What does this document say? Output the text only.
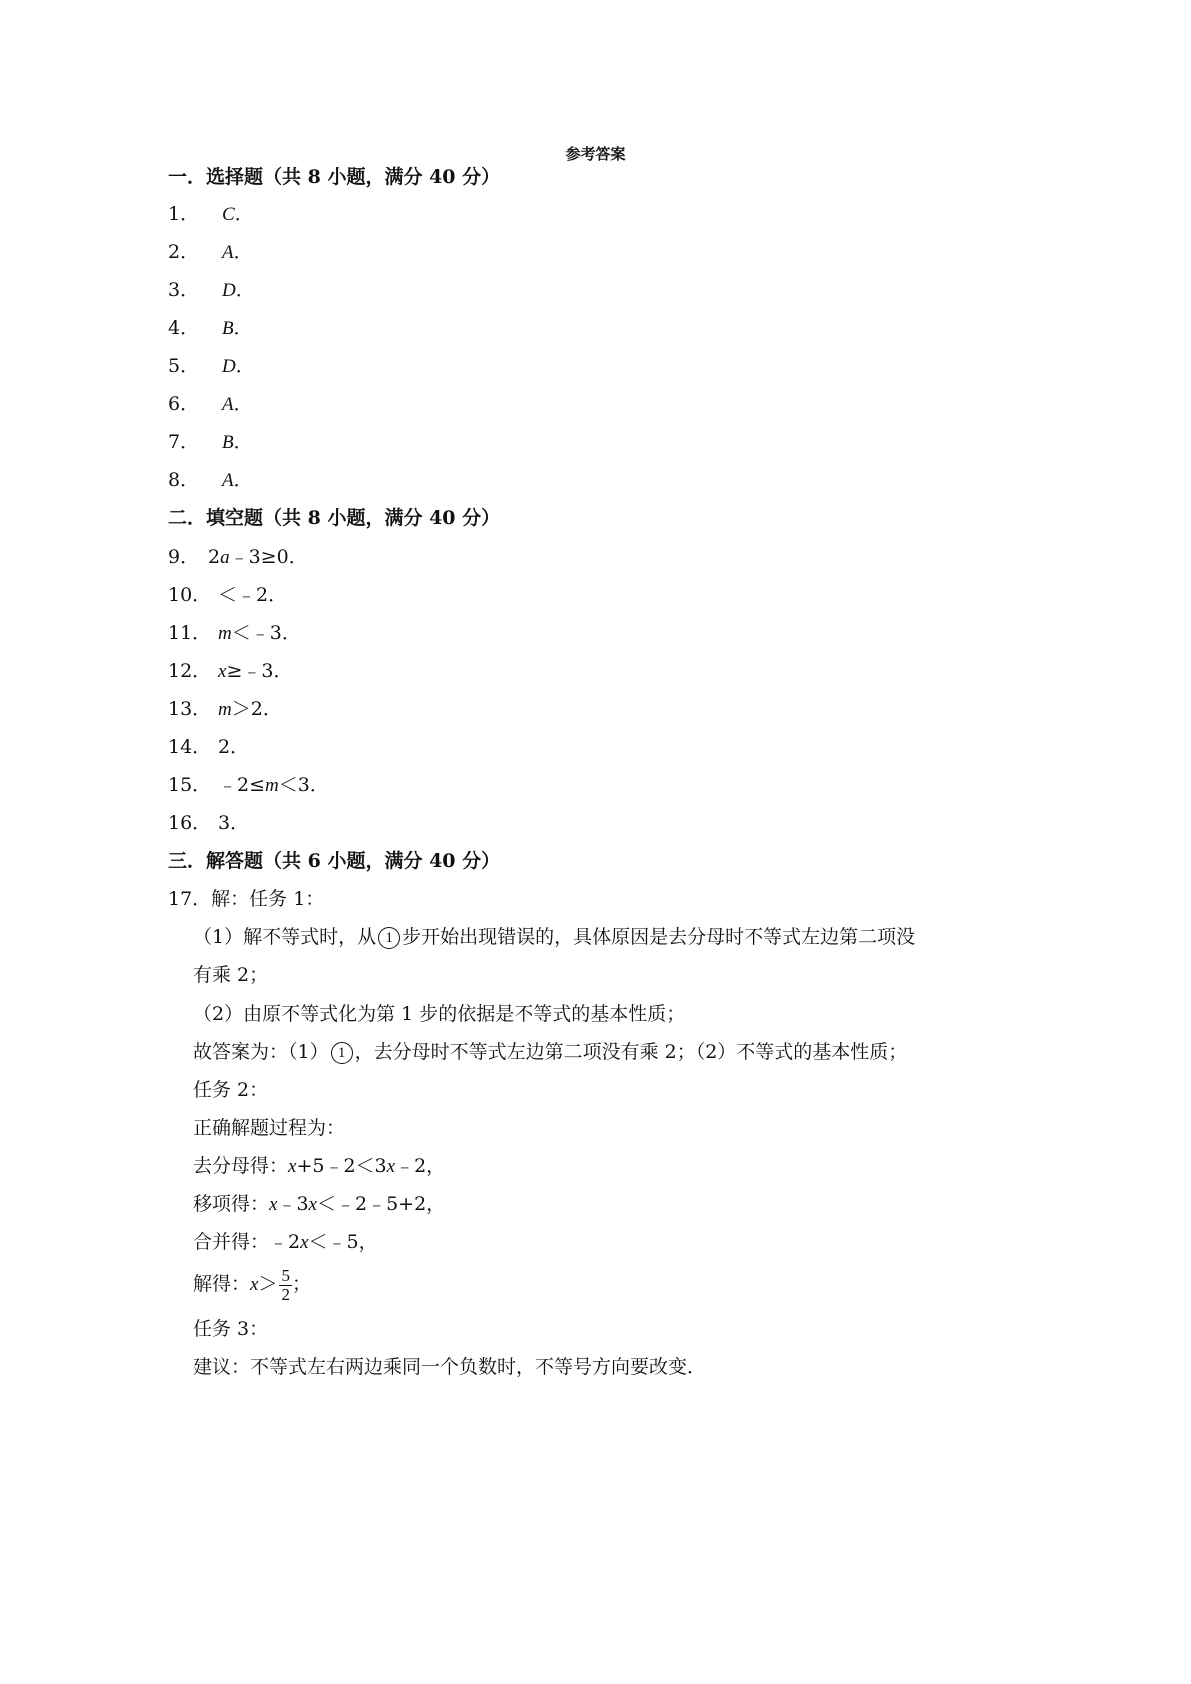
参考答案
一．选择题（共 8 小题，满分 40 分）
1． C．
2． A．
3． D．
4． B．
5． D．
6． A．
7． B．
8． A．
二．填空题（共 8 小题，满分 40 分）
9． 2a﹣3≥0．
10． ＜﹣2．
11． m＜﹣3．
12． x≥﹣3．
13． m＞2．
14． 2．
15． ﹣2≤m＜3．
16． 3．
三．解答题（共 6 小题，满分 40 分）
17．解：任务 1：
（1）解不等式时，从 1 步开始出现错误的，具体原因是去分母时不等式左边第二项没
有乘 2；
（2）由原不等式化为第 1 步的依据是不等式的基本性质；
故答案为：（1） 1 ，去分母时不等式左边第二项没有乘 2；（2）不等式的基本性质；
任务 2：
正确解题过程为：
去分母得：x+5﹣2＜3x﹣2，
移项得：x﹣3x＜﹣2﹣5+2，
合并得：﹣2x＜﹣5，
解得：$x> \frac{5}{2}$ ；
任务 3：
建议：不等式左右两边乘同一个负数时，不等号方向要改变．
